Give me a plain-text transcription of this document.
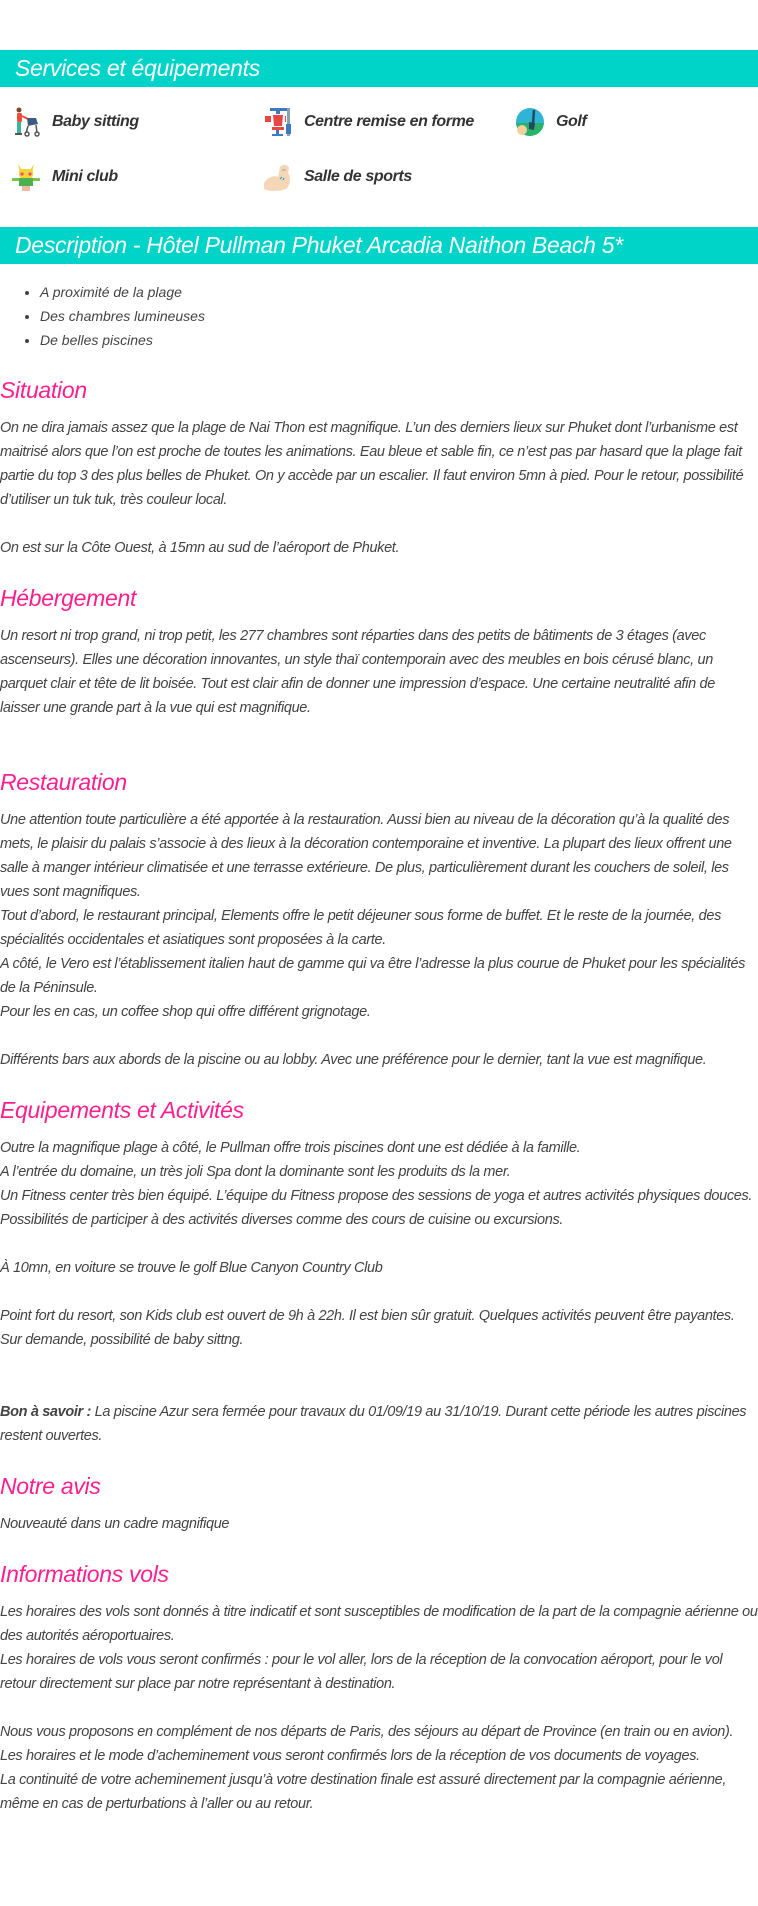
Services et équipements
Baby sitting	Centre remise en forme	Golf
Mini club	Salle de sports
Description - Hôtel Pullman Phuket Arcadia Naithon Beach 5*
• A proximité de la plage
• Des chambres lumineuses
• De belles piscines
Situation

On ne dira jamais assez que la plage de Nai Thon est magnifique. L’un des derniers lieux sur Phuket dont l’urbanisme est maitrisé alors que l’on est proche de toutes les animations. Eau bleue et sable fin, ce n’est pas par hasard que la plage fait partie du top 3 des plus belles de Phuket. On y accède par un escalier. Il faut environ 5mn à pied. Pour le retour, possibilité d’utiliser un tuk tuk, très couleur local.

On est sur la Côte Ouest, à 15mn au sud de l’aéroport de Phuket.

Hébergement

Un resort ni trop grand, ni trop petit, les 277 chambres sont réparties dans des petits de bâtiments de 3 étages (avec ascenseurs). Elles une décoration innovantes, un style thaï contemporain avec des meubles en bois cérusé blanc, un parquet clair et tête de lit boisée. Tout est clair afin de donner une impression d’espace. Une certaine neutralité afin de laisser une grande part à la vue qui est magnifique.

Restauration

Une attention toute particulière a été apportée à la restauration. Aussi bien au niveau de la décoration qu’à la qualité des mets, le plaisir du palais s’associe à des lieux à la décoration contemporaine et inventive. La plupart des lieux offrent une salle à manger intérieur climatisée et une terrasse extérieure. De plus, particulièrement durant les couchers de soleil, les vues sont magnifiques.

Tout d’abord, le restaurant principal, Elements offre le petit déjeuner sous forme de buffet. Et le reste de la journée, des spécialités occidentales et asiatiques sont proposées à la carte.

A côté, le Vero est l’établissement italien haut de gamme qui va être l’adresse la plus courue de Phuket pour les spécialités de la Péninsule.

Pour les en cas, un coffee shop qui offre différent grignotage.

Différents bars aux abords de la piscine ou au lobby. Avec une préférence pour le dernier, tant la vue est magnifique.

Equipements et Activités

Outre la magnifique plage à côté, le Pullman offre trois piscines dont une est dédiée à la famille.

A l’entrée du domaine, un très joli Spa dont la dominante sont les produits ds la mer.

Un Fitness center très bien équipé. L’équipe du Fitness propose des sessions de yoga et autres activités physiques douces.

Possibilités de participer à des activités diverses comme des cours de cuisine ou excursions.

À 10mn, en voiture se trouve le golf Blue Canyon Country Club

Point fort du resort, son Kids club est ouvert de 9h à 22h. Il est bien sûr gratuit. Quelques activités peuvent être payantes. Sur demande, possibilité de baby sittng.

Bon à savoir : La piscine Azur sera fermée pour travaux du 01/09/19 au 31/10/19. Durant cette période les autres piscines restent ouvertes.

Notre avis

Nouveauté dans un cadre magnifique

Informations vols

Les horaires des vols sont donnés à titre indicatif et sont susceptibles de modification de la part de la compagnie aérienne ou des autorités aéroportuaires.

Les horaires de vols vous seront confirmés : pour le vol aller, lors de la réception de la convocation aéroport, pour le vol retour directement sur place par notre représentant à destination.

Nous vous proposons en complément de nos départs de Paris, des séjours au départ de Province (en train ou en avion).

Les horaires et le mode d’acheminement vous seront confirmés lors de la réception de vos documents de voyages.

La continuité de votre acheminement jusqu’à votre destination finale est assuré directement par la compagnie aérienne, même en cas de perturbations à l’aller ou au retour.
